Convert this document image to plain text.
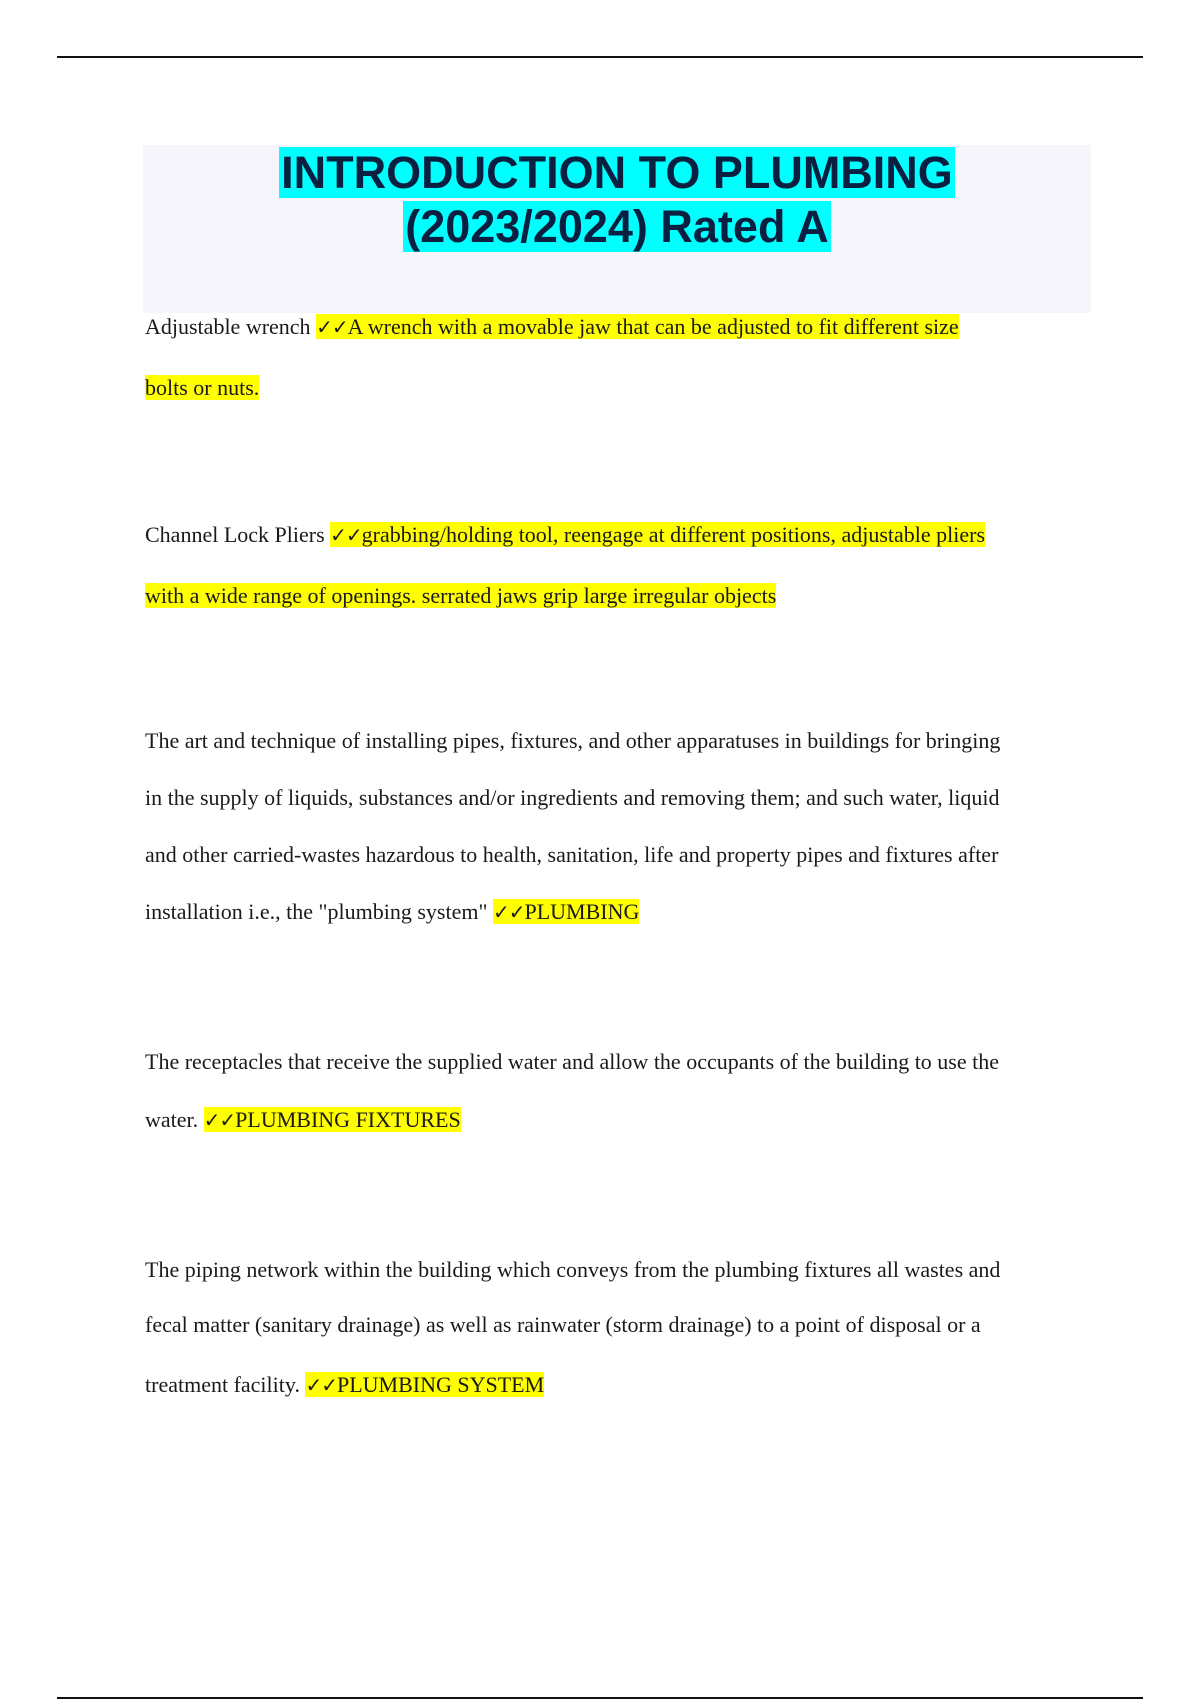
INTRODUCTION TO PLUMBING
(2023/2024) Rated A
Adjustable wrench ✓✓A wrench with a movable jaw that can be adjusted to fit different size
bolts or nuts.
Channel Lock Pliers ✓✓grabbing/holding tool, reengage at different positions, adjustable pliers
with a wide range of openings. serrated jaws grip large irregular objects
The art and technique of installing pipes, fixtures, and other apparatuses in buildings for bringing
in the supply of liquids, substances and/or ingredients and removing them; and such water, liquid
and other carried-wastes hazardous to health, sanitation, life and property pipes and fixtures after
installation i.e., the "plumbing system" ✓✓PLUMBING
The receptacles that receive the supplied water and allow the occupants of the building to use the
water. ✓✓PLUMBING FIXTURES
The piping network within the building which conveys from the plumbing fixtures all wastes and
fecal matter (sanitary drainage) as well as rainwater (storm drainage) to a point of disposal or a
treatment facility. ✓✓PLUMBING SYSTEM
